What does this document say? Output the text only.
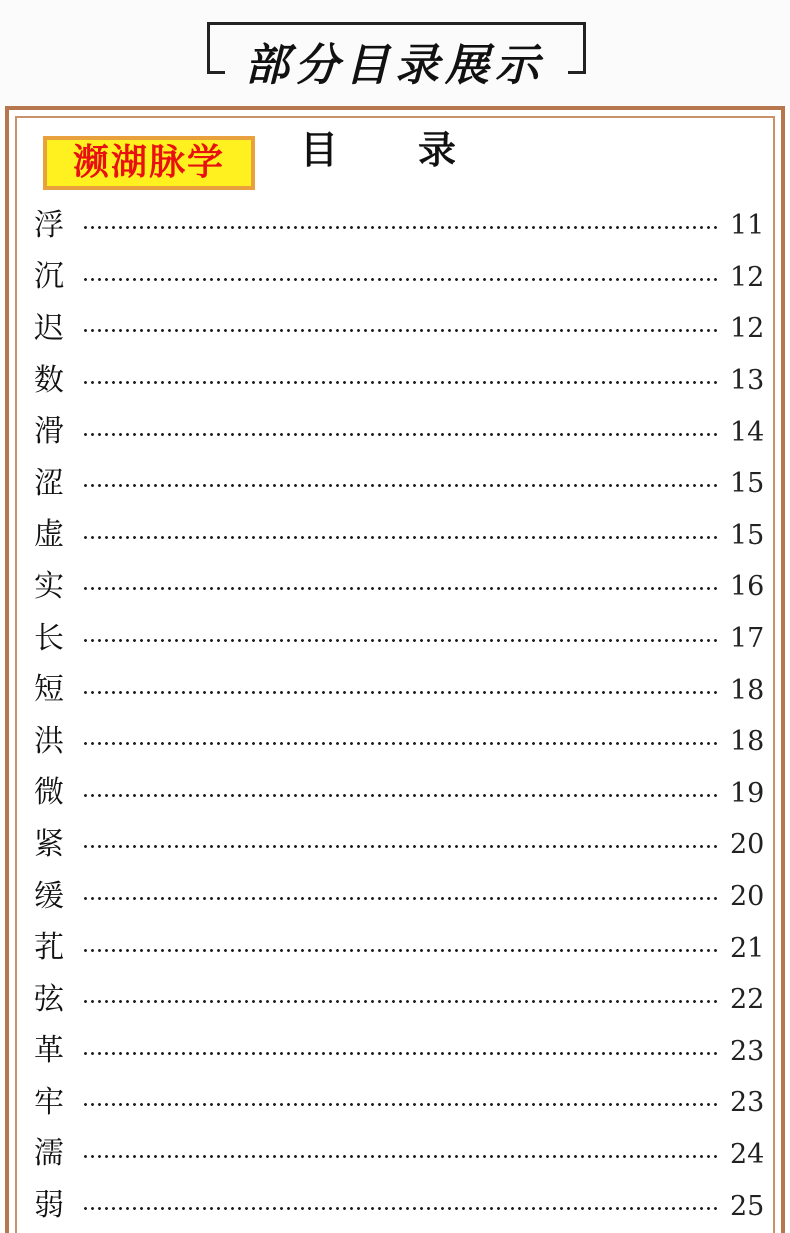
部分目录展示
濒湖脉学 目录
浮	11
沉	12
迟	12
数	13
滑	14
涩	15
虚	15
实	16
长	17
短	18
洪	18
微	19
紧	20
缓	20
芤	21
弦	22
革	23
牢	23
濡	24
弱	25
